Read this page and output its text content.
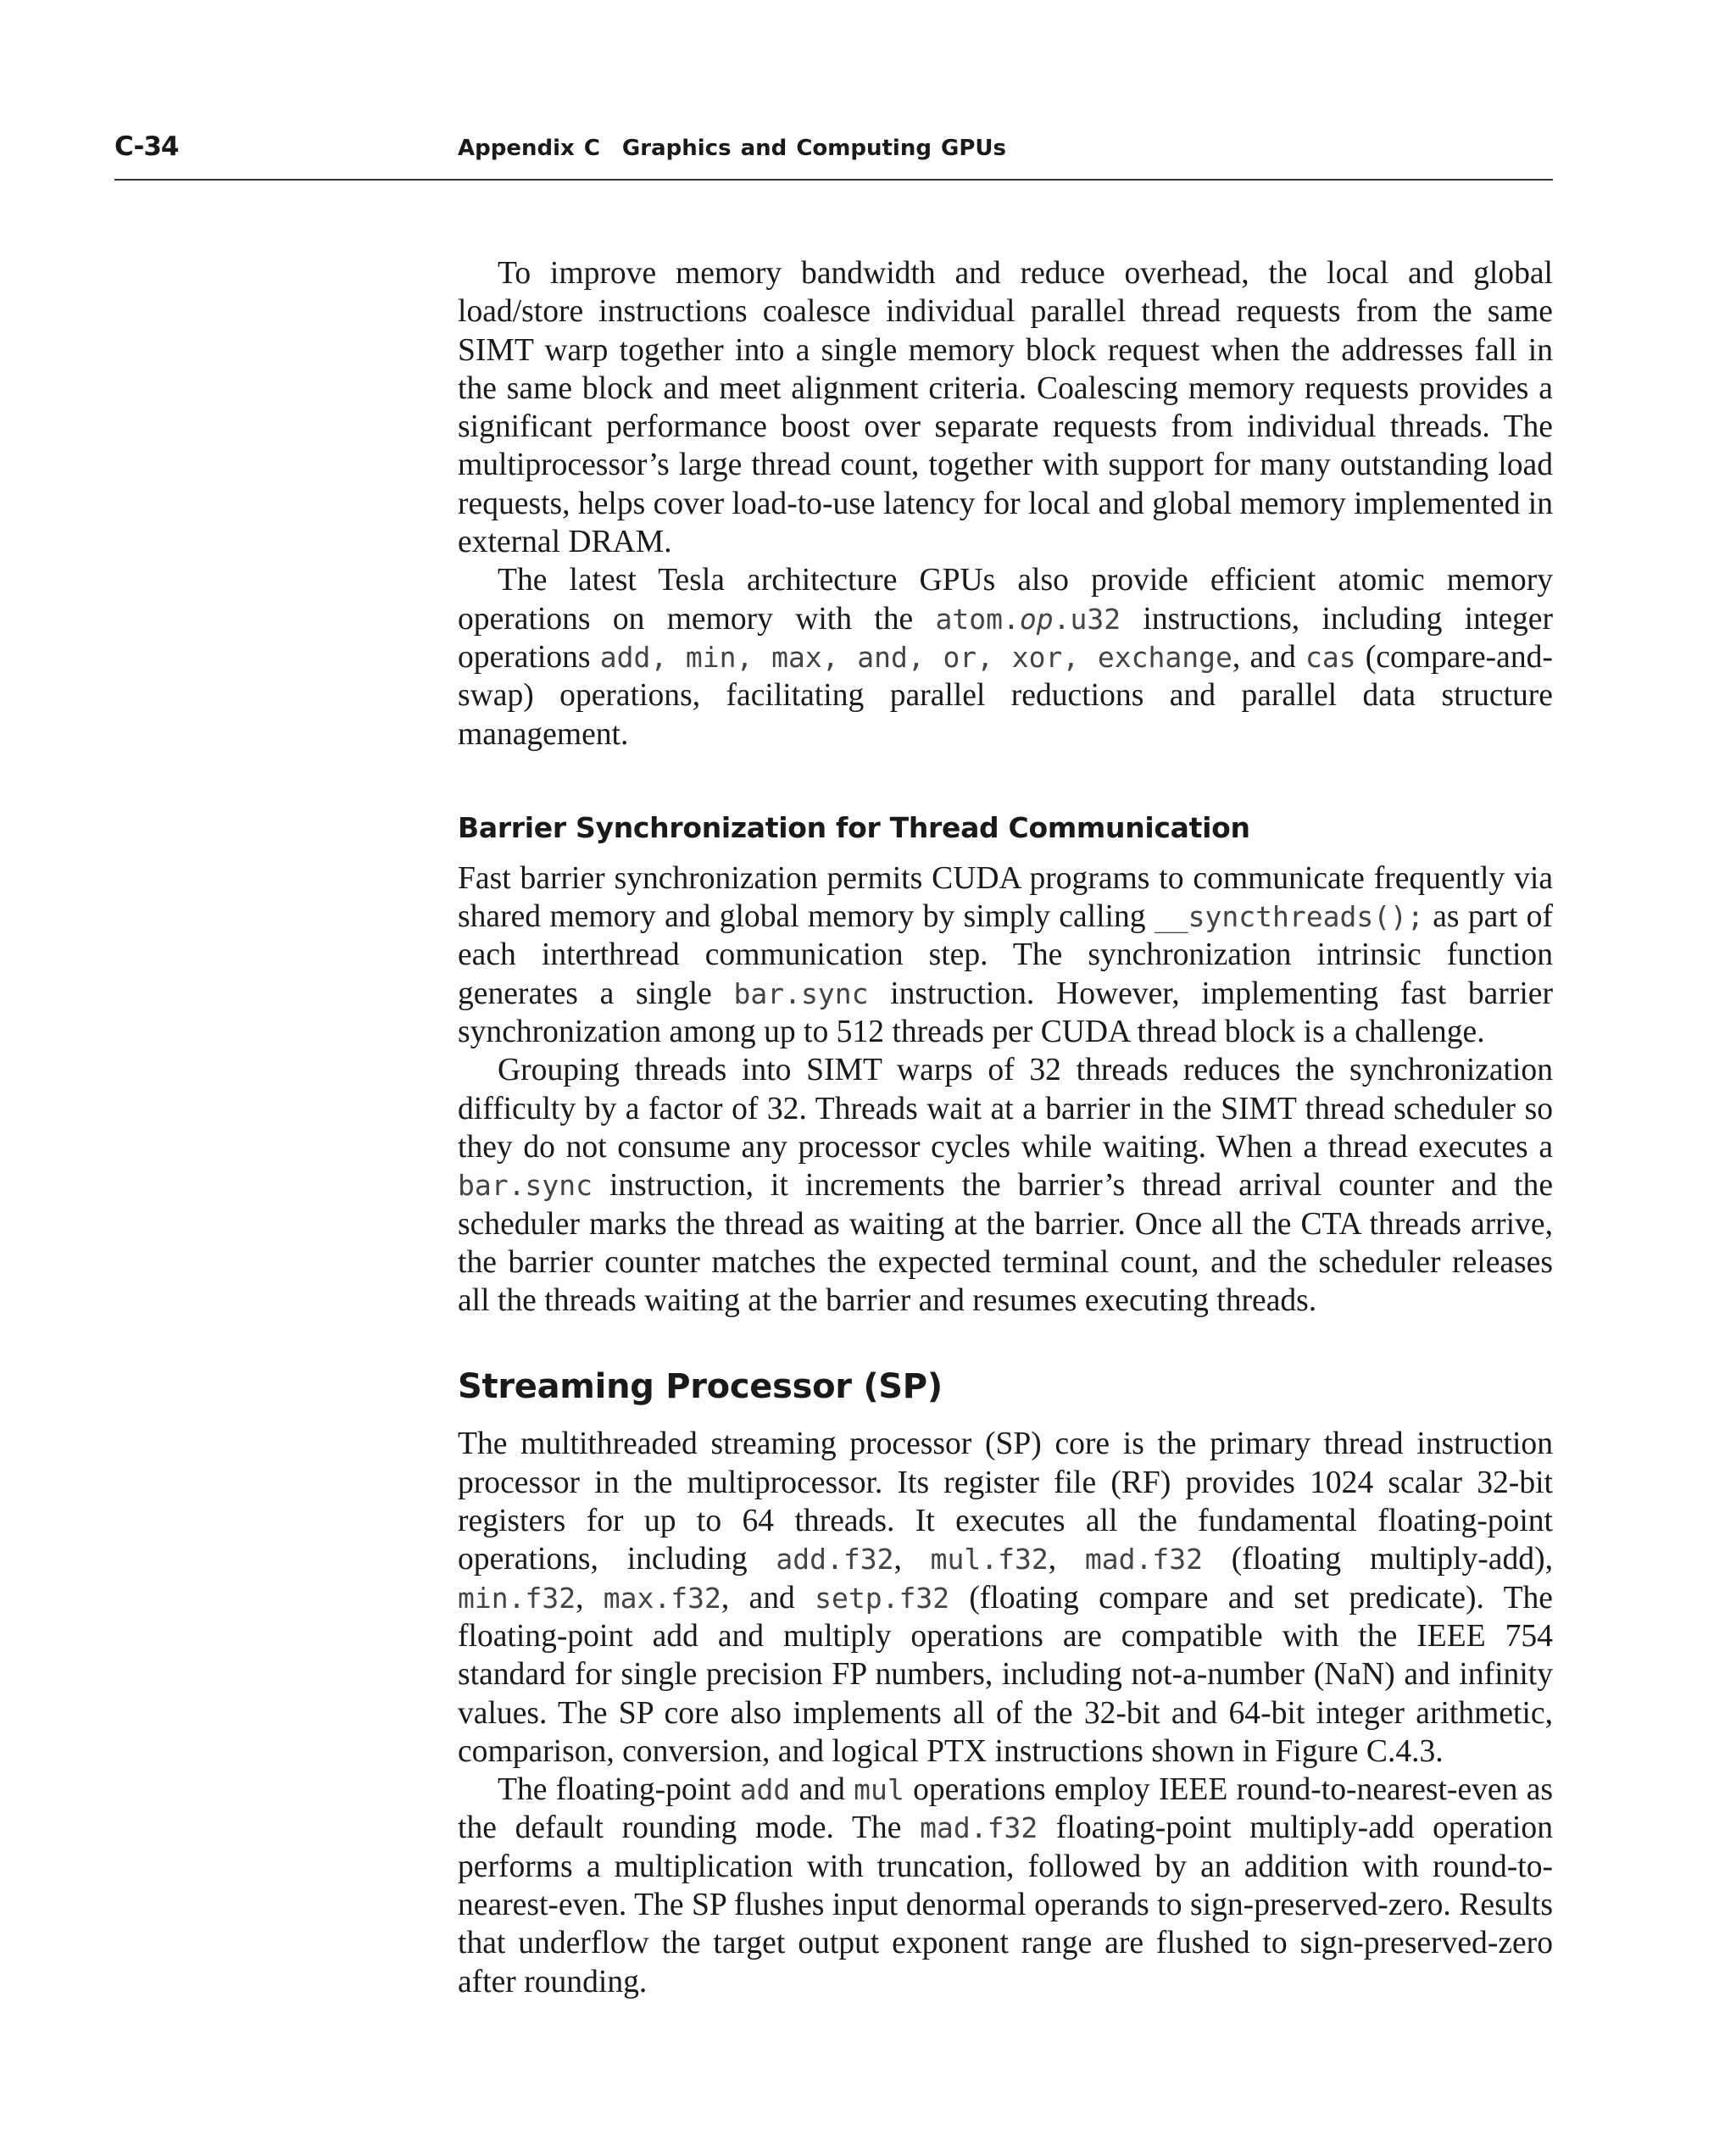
C-34	Appendix C Graphics and Computing GPUs

To improve memory bandwidth and reduce overhead, the local and global load/store instructions coalesce individual parallel thread requests from the same SIMT warp together into a single memory block request when the addresses fall in the same block and meet alignment criteria. Coalescing memory requests provides a significant performance boost over separate requests from individual threads. The multiprocessor’s large thread count, together with support for many outstanding load requests, helps cover load-to-use latency for local and global memory implemented in external DRAM.

The latest Tesla architecture GPUs also provide efficient atomic memory operations on memory with the atom.op.u32 instructions, including integer operations add, min, max, and, or, xor, exchange, and cas (compare-and-swap) operations, facilitating parallel reductions and parallel data structure management.

Barrier Synchronization for Thread Communication

Fast barrier synchronization permits CUDA programs to communicate frequently via shared memory and global memory by simply calling __syncthreads(); as part of each interthread communication step. The synchronization intrinsic function generates a single bar.sync instruction. However, implementing fast barrier synchronization among up to 512 threads per CUDA thread block is a challenge.

Grouping threads into SIMT warps of 32 threads reduces the synchronization difficulty by a factor of 32. Threads wait at a barrier in the SIMT thread scheduler so they do not consume any processor cycles while waiting. When a thread executes a bar.sync instruction, it increments the barrier’s thread arrival counter and the scheduler marks the thread as waiting at the barrier. Once all the CTA threads arrive, the barrier counter matches the expected terminal count, and the scheduler releases all the threads waiting at the barrier and resumes executing threads.

Streaming Processor (SP)

The multithreaded streaming processor (SP) core is the primary thread instruction processor in the multiprocessor. Its register file (RF) provides 1024 scalar 32-bit registers for up to 64 threads. It executes all the fundamental floating-point operations, including add.f32, mul.f32, mad.f32 (floating multiply-add), min.f32, max.f32, and setp.f32 (floating compare and set predicate). The floating-point add and multiply operations are compatible with the IEEE 754 standard for single precision FP numbers, including not-a-number (NaN) and infinity values. The SP core also implements all of the 32-bit and 64-bit integer arithmetic, comparison, conversion, and logical PTX instructions shown in Figure C.4.3.

The floating-point add and mul operations employ IEEE round-to-nearest-even as the default rounding mode. The mad.f32 floating-point multiply-add operation performs a multiplication with truncation, followed by an addition with round-to-nearest-even. The SP flushes input denormal operands to sign-preserved-zero. Results that underflow the target output exponent range are flushed to sign-preserved-zero after rounding.
